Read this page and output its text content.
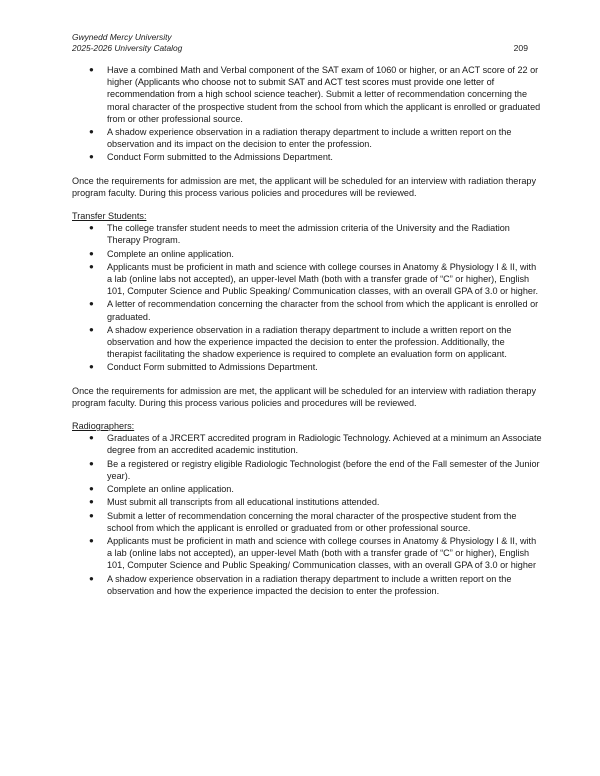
Gwynedd Mercy University
2025-2026 University Catalog	209
● Have a combined Math and Verbal component of the SAT exam of 1060 or higher, or an ACT score of 22 or higher (Applicants who choose not to submit SAT and ACT test scores must provide one letter of recommendation from a high school science teacher). Submit a letter of recommendation concerning the moral character of the prospective student from the school from which the applicant is enrolled or graduated from or other professional source.
● A shadow experience observation in a radiation therapy department to include a written report on the observation and its impact on the decision to enter the profession.
● Conduct Form submitted to the Admissions Department.

Once the requirements for admission are met, the applicant will be scheduled for an interview with radiation therapy program faculty. During this process various policies and procedures will be reviewed.

Transfer Students:
● The college transfer student needs to meet the admission criteria of the University and the Radiation Therapy Program.
● Complete an online application.
● Applicants must be proficient in math and science with college courses in Anatomy & Physiology I & II, with a lab (online labs not accepted), an upper-level Math (both with a transfer grade of “C” or higher), English 101, Computer Science and Public Speaking/ Communication classes, with an overall GPA of 3.0 or higher.
● A letter of recommendation concerning the character from the school from which the applicant is enrolled or graduated.
● A shadow experience observation in a radiation therapy department to include a written report on the observation and how the experience impacted the decision to enter the profession. Additionally, the therapist facilitating the shadow experience is required to complete an evaluation form on applicant.
● Conduct Form submitted to Admissions Department.

Once the requirements for admission are met, the applicant will be scheduled for an interview with radiation therapy program faculty. During this process various policies and procedures will be reviewed.

Radiographers:
● Graduates of a JRCERT accredited program in Radiologic Technology. Achieved at a minimum an Associate degree from an accredited academic institution.
● Be a registered or registry eligible Radiologic Technologist (before the end of the Fall semester of the Junior year).
● Complete an online application.
● Must submit all transcripts from all educational institutions attended.
● Submit a letter of recommendation concerning the moral character of the prospective student from the school from which the applicant is enrolled or graduated from or other professional source.
● Applicants must be proficient in math and science with college courses in Anatomy & Physiology I & II, with a lab (online labs not accepted), an upper-level Math (both with a transfer grade of “C” or higher), English 101, Computer Science and Public Speaking/ Communication classes, with an overall GPA of 3.0 or higher
● A shadow experience observation in a radiation therapy department to include a written report on the observation and how the experience impacted the decision to enter the profession.
